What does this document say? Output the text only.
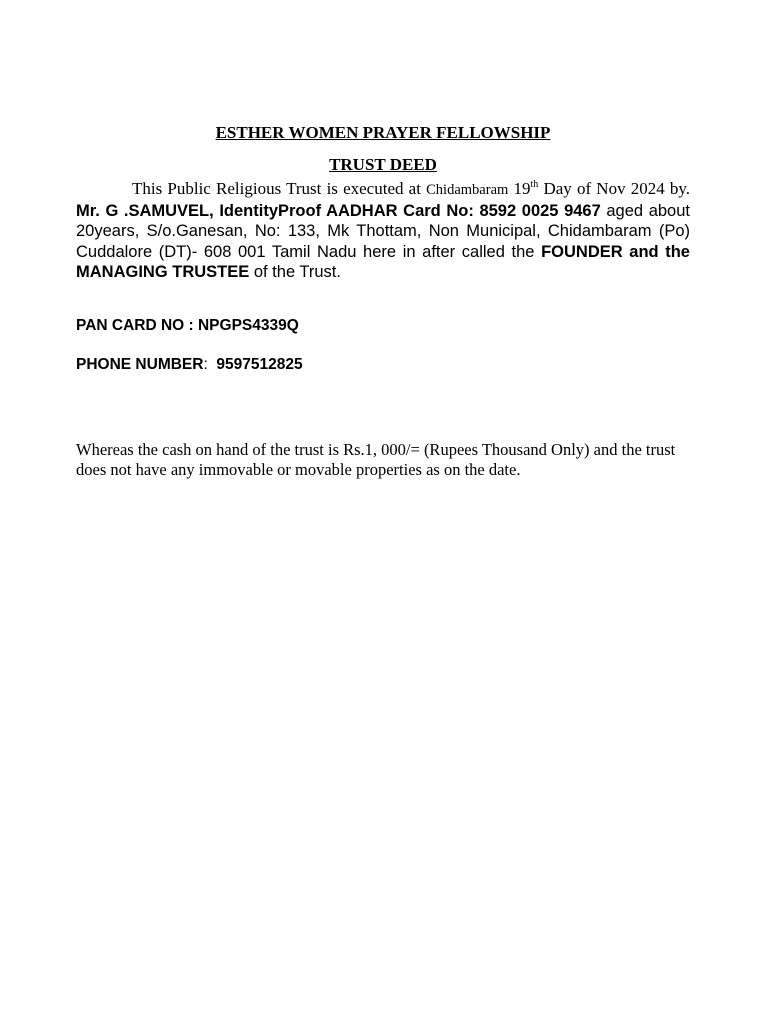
ESTHER WOMEN PRAYER FELLOWSHIP
TRUST DEED

This Public Religious Trust is executed at Chidambaram 19th Day of Nov 2024 by. Mr. G .SAMUVEL, IdentityProof AADHAR Card No: 8592 0025 9467 aged about 20years, S/o.Ganesan, No: 133, Mk Thottam, Non Municipal, Chidambaram (Po) Cuddalore (DT)- 608 001 Tamil Nadu here in after called the FOUNDER and the MANAGING TRUSTEE of the Trust.

PAN CARD NO : NPGPS4339Q

PHONE NUMBER: 9597512825

Whereas the cash on hand of the trust is Rs.1, 000/= (Rupees Thousand Only) and the trust does not have any immovable or movable properties as on the date.
